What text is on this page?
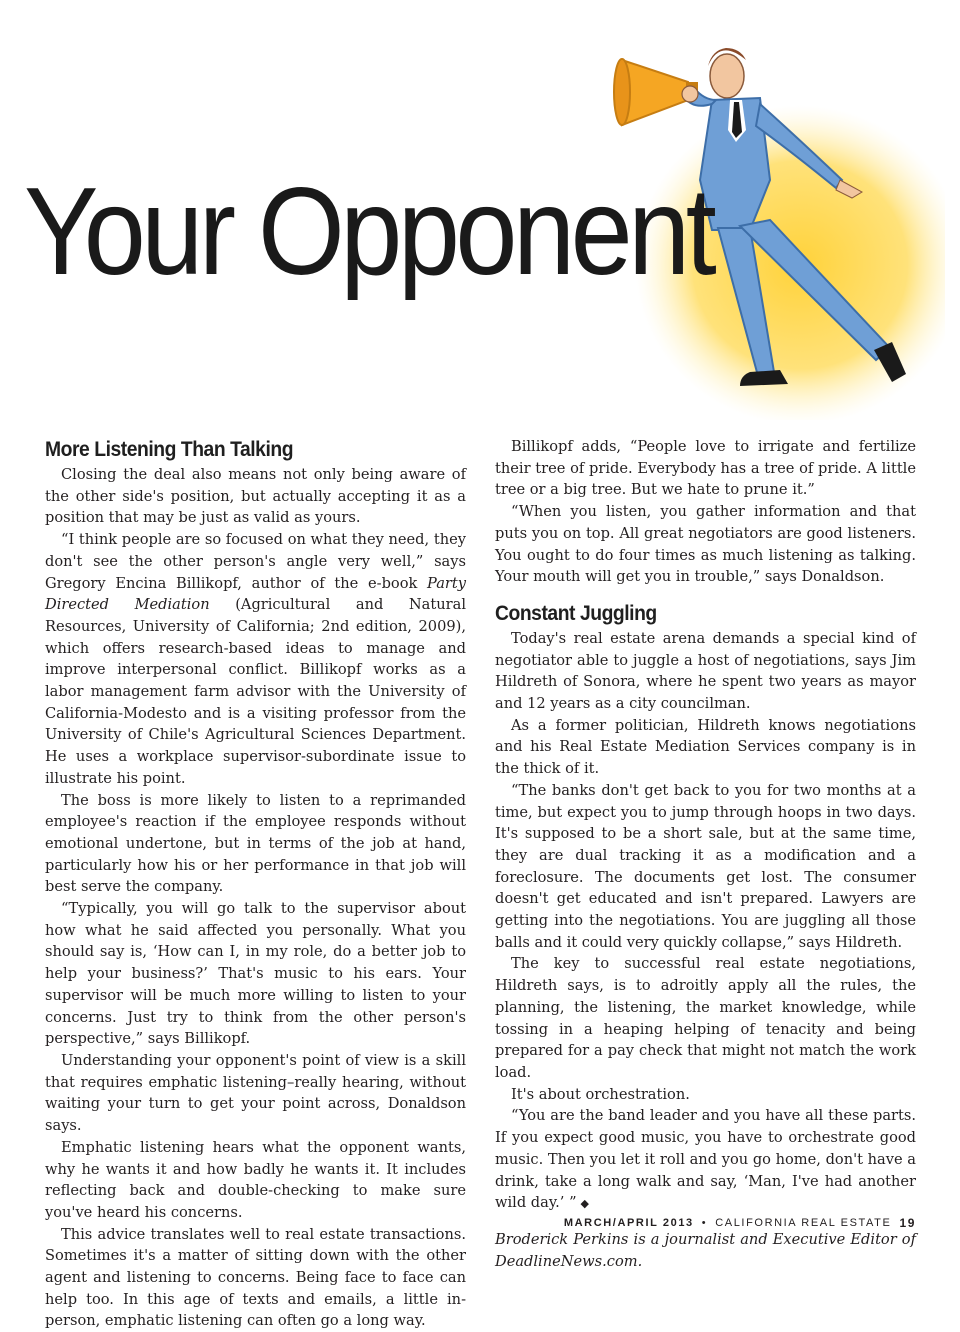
Your Opponent
More Listening Than Talking

Closing the deal also means not only being aware of the other side's position, but actually accepting it as a position that may be just as valid as yours.

“I think people are so focused on what they need, they don't see the other person's angle very well,” says Gregory Encina Billikopf, author of the e-book Party Directed Mediation (Agricultural and Natural Resources, University of California; 2nd edition, 2009), which offers research-based ideas to manage and improve interpersonal conflict. Billikopf works as a labor management farm advisor with the University of California-Modesto and is a visiting professor from the University of Chile's Agricultural Sciences Department. He uses a workplace supervisor-subordinate issue to illustrate his point.

The boss is more likely to listen to a reprimanded employee's reaction if the employee responds without emotional undertone, but in terms of the job at hand, particularly how his or her performance in that job will best serve the company.

“Typically, you will go talk to the supervisor about how what he said affected you personally. What you should say is, ‘How can I, in my role, do a better job to help your business?’ That's music to his ears. Your supervisor will be much more willing to listen to your concerns. Just try to think from the other person's perspective,” says Billikopf.

Understanding your opponent's point of view is a skill that requires emphatic listening–really hearing, without waiting your turn to get your point across, Donaldson says.

Emphatic listening hears what the opponent wants, why he wants it and how badly he wants it. It includes reflecting back and double-checking to make sure you've heard his concerns.

This advice translates well to real estate transactions. Sometimes it's a matter of sitting down with the other agent and listening to concerns. Being face to face can help too. In this age of texts and emails, a little in-person, emphatic listening can often go a long way.

Billikopf adds, “People love to irrigate and fertilize their tree of pride. Everybody has a tree of pride. A little tree or a big tree. But we hate to prune it.”

“When you listen, you gather information and that puts you on top. All great negotiators are good listeners. You ought to do four times as much listening as talking. Your mouth will get you in trouble,” says Donaldson.

Constant Juggling

Today's real estate arena demands a special kind of negotiator able to juggle a host of negotiations, says Jim Hildreth of Sonora, where he spent two years as mayor and 12 years as a city councilman.

As a former politician, Hildreth knows negotiations and his Real Estate Mediation Services company is in the thick of it.

“The banks don't get back to you for two months at a time, but expect you to jump through hoops in two days. It's supposed to be a short sale, but at the same time, they are dual tracking it as a modification and a foreclosure. The documents get lost. The consumer doesn't get educated and isn't prepared. Lawyers are getting into the negotiations. You are juggling all those balls and it could very quickly collapse,” says Hildreth.

The key to successful real estate negotiations, Hildreth says, is to adroitly apply all the rules, the planning, the listening, the market knowledge, while tossing in a heaping helping of tenacity and being prepared for a pay check that might not match the work load.

It's about orchestration.

“You are the band leader and you have all these parts. If you expect good music, you have to orchestrate good music. Then you let it roll and you go home, don't have a drink, take a long walk and say, ‘Man, I've had another wild day.’ ” ◆

Broderick Perkins is a journalist and Executive Editor of DeadlineNews.com.

MARCH/APRIL 2013 • CALIFORNIA REAL ESTATE 19
